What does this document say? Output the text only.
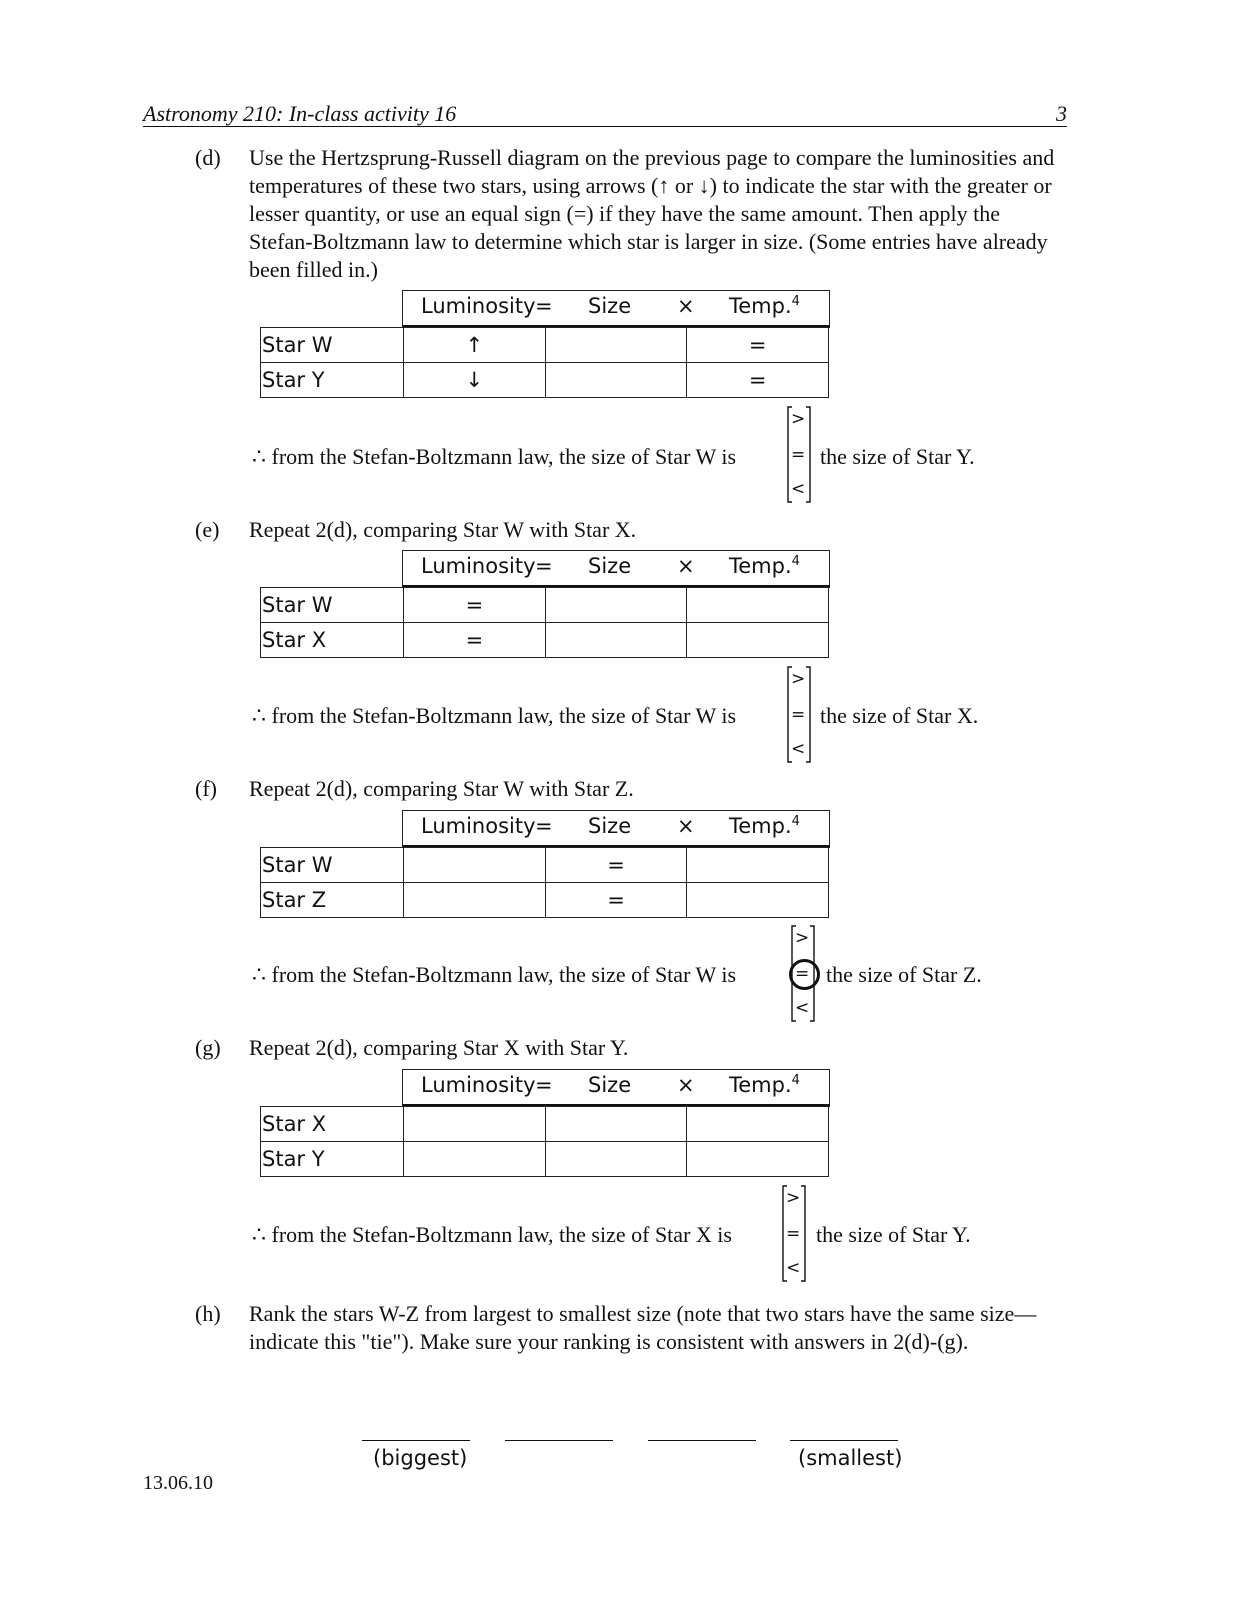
Astronomy 210: In-class activity 16	3
(d) Use the Hertzsprung-Russell diagram on the previous page to compare the luminosities and temperatures of these two stars, using arrows (↑ or ↓) to indicate the star with the greater or lesser quantity, or use an equal sign (=) if they have the same amount. Then apply the Stefan-Boltzmann law to determine which star is larger in size. (Some entries have already been filled in.)
Luminosity = Size × Temp.$^4$
Star W	↑		=
Star Y	↓		=
∴ from the Stefan-Boltzmann law, the size of Star W is
>
=
<
the size of Star Y.
(e) Repeat 2(d), comparing Star W with Star X.
Luminosity = Size × Temp.$^4$
Star W	=		
Star X	=		
∴ from the Stefan-Boltzmann law, the size of Star W is
>
=
<
the size of Star X.
(f) Repeat 2(d), comparing Star W with Star Z.
Luminosity = Size × Temp.$^4$
Star W		=	
Star Z		=	
∴ from the Stefan-Boltzmann law, the size of Star W is
>
=
<
the size of Star Z.
(g) Repeat 2(d), comparing Star X with Star Y.
Luminosity = Size × Temp.$^4$
Star X			
Star Y			
∴ from the Stefan-Boltzmann law, the size of Star X is
>
=
<
the size of Star Y.
(h) Rank the stars W-Z from largest to smallest size (note that two stars have the same size—indicate this "tie"). Make sure your ranking is consistent with answers in 2(d)-(g).
(biggest)	(smallest)
13.06.10
